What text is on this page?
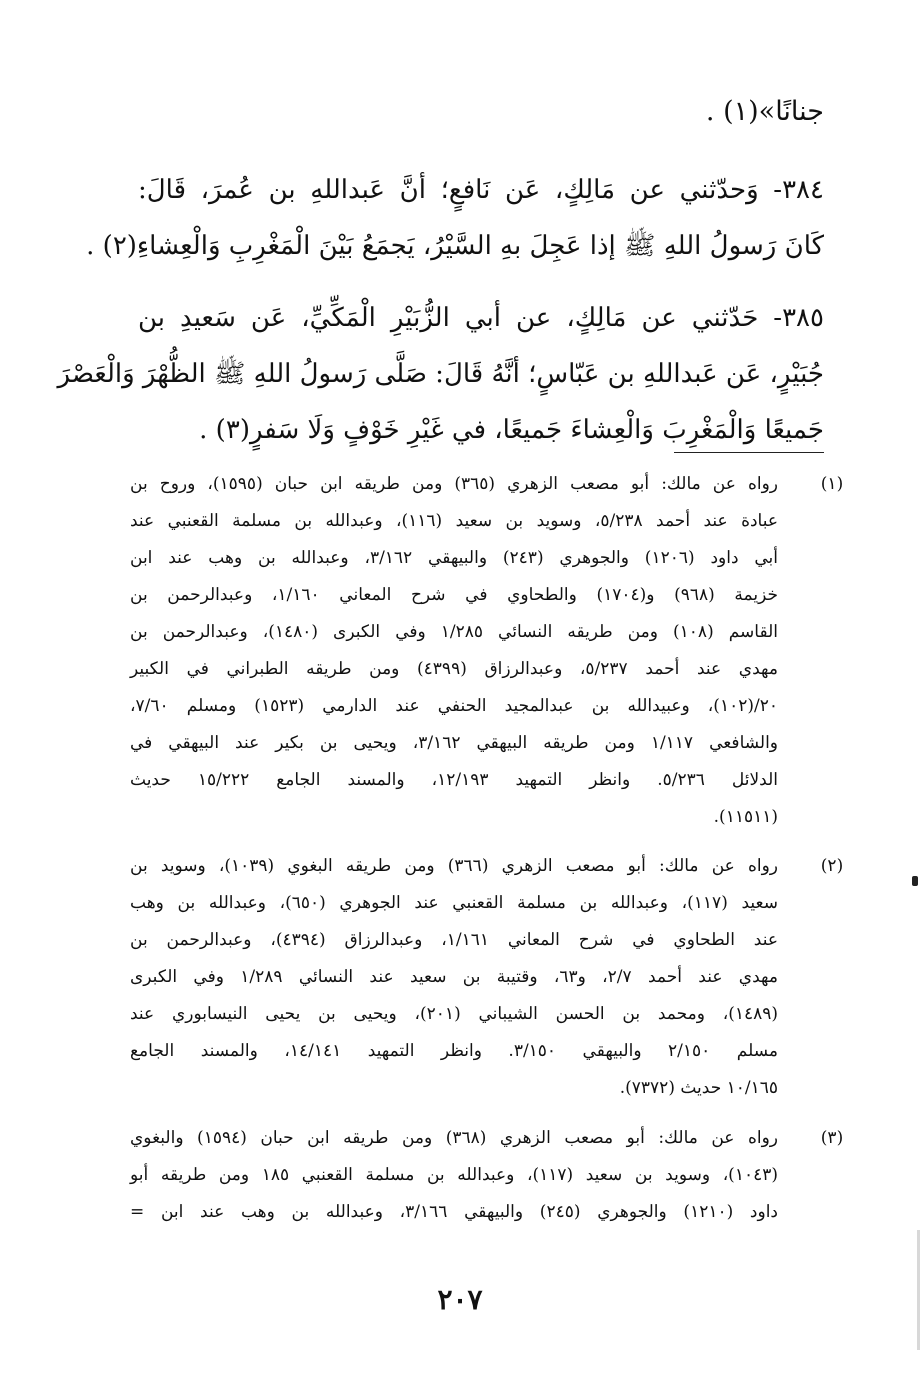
جنانًا»(١) .
٣٨٤- وَحدّثني عن مَالِكٍ، عَن نَافعٍ؛ أنَّ عَبداللهِ بن عُمرَ، قَالَ:
كَانَ رَسولُ اللهِ ﷺ إذا عَجِلَ بهِ السَّيْرُ، يَجمَعُ بَيْنَ الْمَغْرِبِ وَالْعِشاءِ(٢) .
٣٨٥- حَدّثني عن مَالِكٍ، عن أبي الزُّبَيْرِ الْمَكِّيِّ، عَن سَعيدِ بن
جُبَيْرٍ، عَن عَبداللهِ بن عَبّاسٍ؛ أنَّهُ قَالَ: صَلَّى رَسولُ اللهِ ﷺ الظُّهْرَ وَالْعَصْرَ
جَميعًا وَالْمَغْرِبَ وَالْعِشاءَ جَميعًا، في غَيْرِ خَوْفٍ وَلَا سَفرٍ(٣) .
(١)
رواه عن مالك: أبو مصعب الزهري (٣٦٥) ومن طريقه ابن حبان (١٥٩٥)، وروح بن
عبادة عند أحمد ٥/٢٣٨، وسويد بن سعيد (١١٦)، وعبدالله بن مسلمة القعنبي عند
أبي داود (١٢٠٦) والجوهري (٢٤٣) والبيهقي ٣/١٦٢، وعبدالله بن وهب عند ابن
خزيمة (٩٦٨) و(١٧٠٤) والطحاوي في شرح المعاني ١/١٦٠، وعبدالرحمن بن
القاسم (١٠٨) ومن طريقه النسائي ١/٢٨٥ وفي الكبرى (١٤٨٠)، وعبدالرحمن بن
مهدي عند أحمد ٥/٢٣٧، وعبدالرزاق (٤٣٩٩) ومن طريقه الطبراني في الكبير
٢٠/(١٠٢)، وعبيدالله بن عبدالمجيد الحنفي عند الدارمي (١٥٢٣) ومسلم ٧/٦٠،
والشافعي ١/١١٧ ومن طريقه البيهقي ٣/١٦٢، ويحيى بن بكير عند البيهقي في
الدلائل ٥/٢٣٦. وانظر التمهيد ١٢/١٩٣، والمسند الجامع ١٥/٢٢٢ حديث
(١١٥١١).
(٢)
رواه عن مالك: أبو مصعب الزهري (٣٦٦) ومن طريقه البغوي (١٠٣٩)، وسويد بن
سعيد (١١٧)، وعبدالله بن مسلمة القعنبي عند الجوهري (٦٥٠)، وعبدالله بن وهب
عند الطحاوي في شرح المعاني ١/١٦١، وعبدالرزاق (٤٣٩٤)، وعبدالرحمن بن
مهدي عند أحمد ٢/٧، و٦٣، وقتيبة بن سعيد عند النسائي ١/٢٨٩ وفي الكبرى
(١٤٨٩)، ومحمد بن الحسن الشيباني (٢٠١)، ويحيى بن يحيى النيسابوري عند
مسلم ٢/١٥٠ والبيهقي ٣/١٥٠. وانظر التمهيد ١٤/١٤١، والمسند الجامع
١٠/١٦٥ حديث (٧٣٧٢).
(٣)
رواه عن مالك: أبو مصعب الزهري (٣٦٨) ومن طريقه ابن حبان (١٥٩٤) والبغوي
(١٠٤٣)، وسويد بن سعيد (١١٧)، وعبدالله بن مسلمة القعنبي ١٨٥ ومن طريقه أبو
داود (١٢١٠) والجوهري (٢٤٥) والبيهقي ٣/١٦٦، وعبدالله بن وهب عند ابن =
٢٠٧
